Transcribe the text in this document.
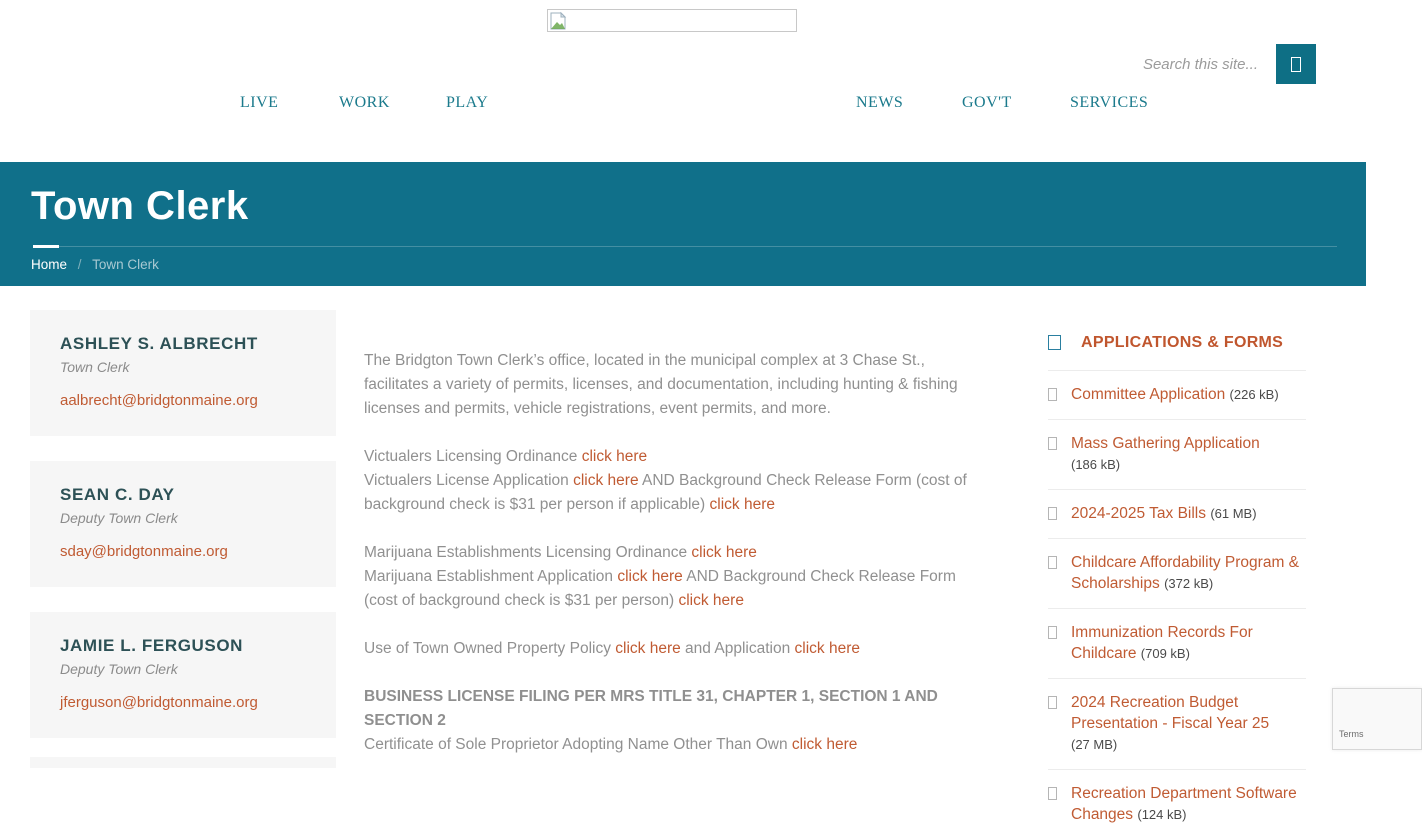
Search this site...
LIVE	WORK	PLAY	NEWS	GOV'T	SERVICES
Town Clerk
Home / Town Clerk
ASHLEY S. ALBRECHT
Town Clerk
aalbrecht@bridgtonmaine.org
SEAN C. DAY
Deputy Town Clerk
sday@bridgtonmaine.org
JAMIE L. FERGUSON
Deputy Town Clerk
jferguson@bridgtonmaine.org

The Bridgton Town Clerk’s office, located in the municipal complex at 3 Chase St., facilitates a variety of permits, licenses, and documentation, including hunting & fishing licenses and permits, vehicle registrations, event permits, and more.

Victualers Licensing Ordinance click here
Victualers License Application click here AND Background Check Release Form (cost of background check is $31 per person if applicable) click here

Marijuana Establishments Licensing Ordinance click here
Marijuana Establishment Application click here AND Background Check Release Form (cost of background check is $31 per person) click here

Use of Town Owned Property Policy click here and Application click here

BUSINESS LICENSE FILING PER MRS TITLE 31, CHAPTER 1, SECTION 1 AND SECTION 2
Certificate of Sole Proprietor Adopting Name Other Than Own click here

APPLICATIONS & FORMS
Committee Application (226 kB)
Mass Gathering Application (186 kB)
2024-2025 Tax Bills (61 MB)
Childcare Affordability Program & Scholarships (372 kB)
Immunization Records For Childcare (709 kB)
2024 Recreation Budget Presentation - Fiscal Year 25 (27 MB)
Recreation Department Software Changes (124 kB)
Terms
